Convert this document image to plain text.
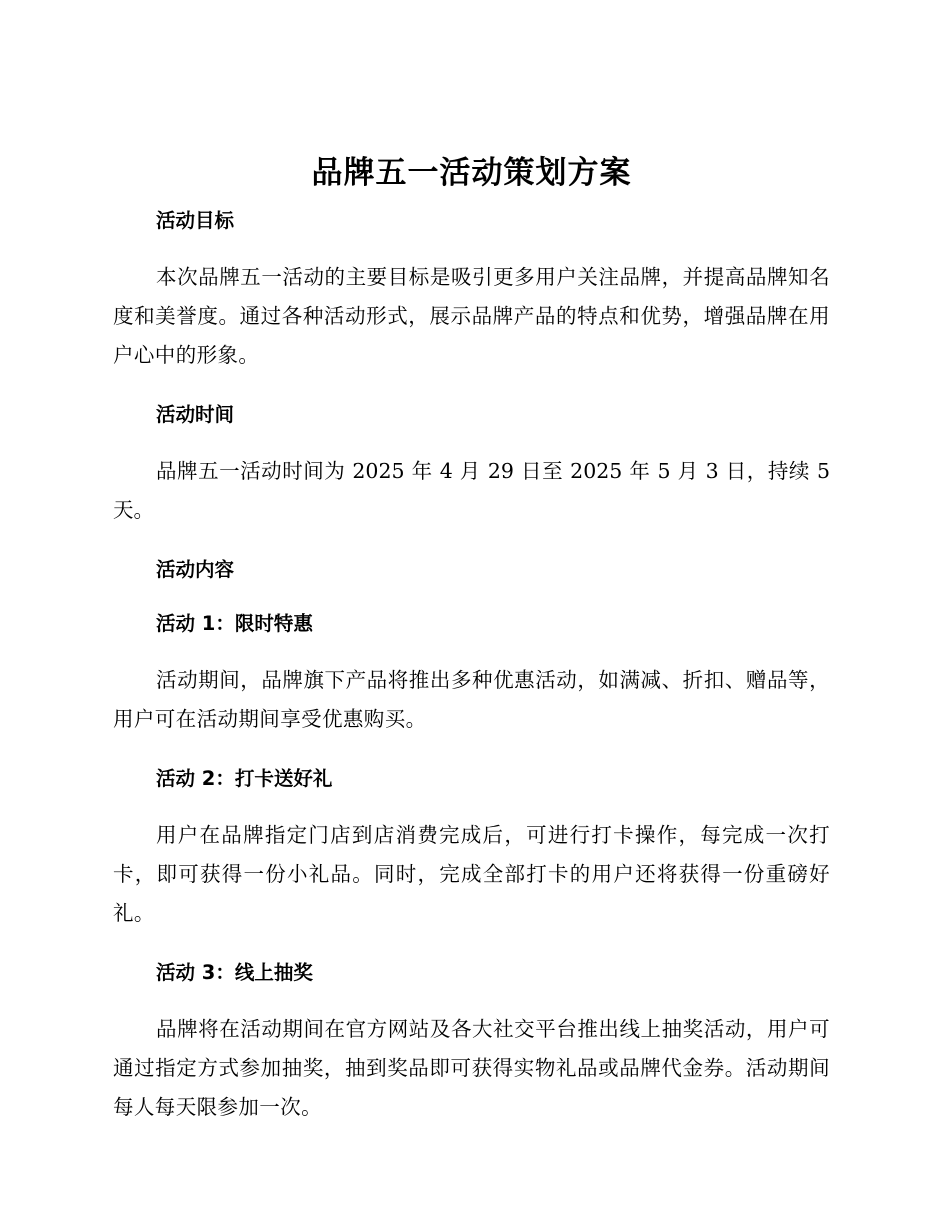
品牌五一活动策划方案
活动目标

本次品牌五一活动的主要目标是吸引更多用户关注品牌，并提高品牌知名度和美誉度。通过各种活动形式，展示品牌产品的特点和优势，增强品牌在用户心中的形象。

活动时间

品牌五一活动时间为 2025 年 4 月 29 日至 2025 年 5 月 3 日，持续 5 天。

活动内容
活动 1：限时特惠

活动期间，品牌旗下产品将推出多种优惠活动，如满减、折扣、赠品等，用户可在活动期间享受优惠购买。

活动 2：打卡送好礼

用户在品牌指定门店到店消费完成后，可进行打卡操作，每完成一次打卡，即可获得一份小礼品。同时，完成全部打卡的用户还将获得一份重磅好礼。

活动 3：线上抽奖

品牌将在活动期间在官方网站及各大社交平台推出线上抽奖活动，用户可通过指定方式参加抽奖，抽到奖品即可获得实物礼品或品牌代金券。活动期间每人每天限参加一次。
